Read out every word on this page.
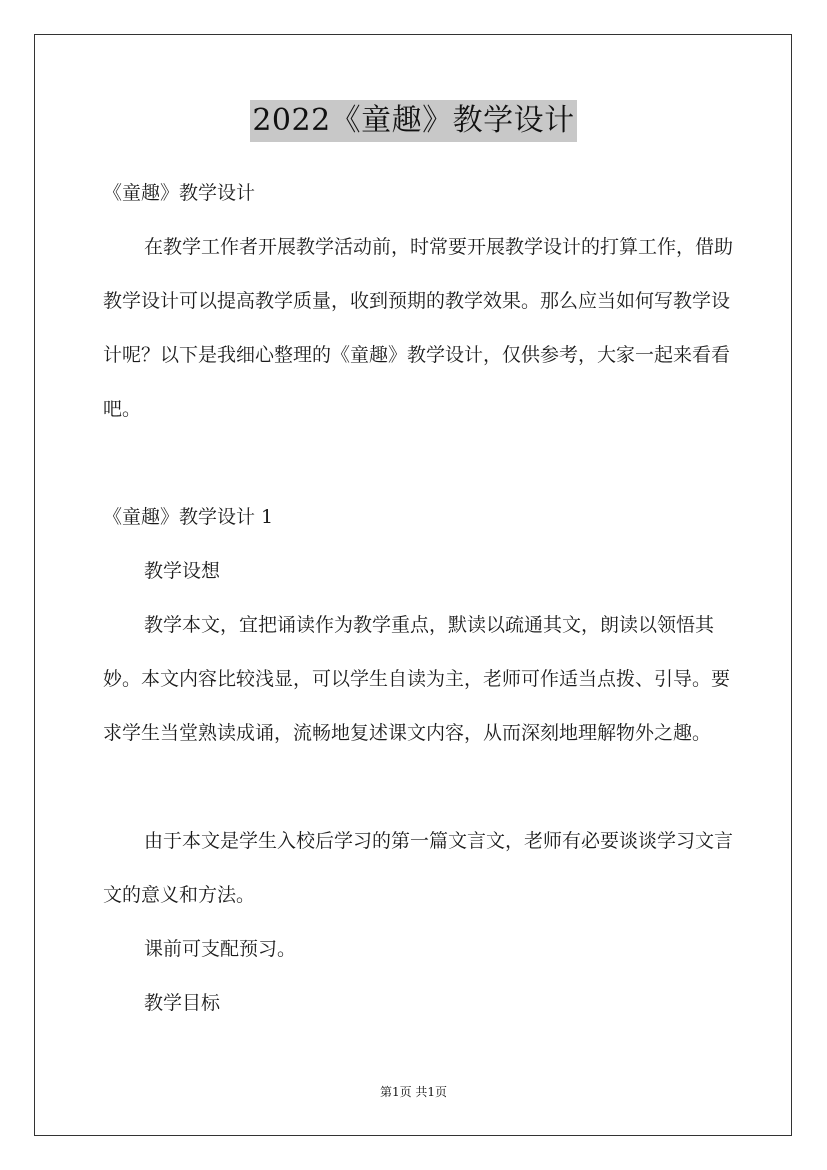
2022《童趣》教学设计

《童趣》教学设计

在教学工作者开展教学活动前，时常要开展教学设计的打算工作，借助教学设计可以提高教学质量，收到预期的教学效果。那么应当如何写教学设计呢？以下是我细心整理的《童趣》教学设计，仅供参考，大家一起来看看吧。

《童趣》教学设计 1

教学设想

教学本文，宜把诵读作为教学重点，默读以疏通其文，朗读以领悟其妙。本文内容比较浅显，可以学生自读为主，老师可作适当点拨、引导。要求学生当堂熟读成诵，流畅地复述课文内容，从而深刻地理解物外之趣。

由于本文是学生入校后学习的第一篇文言文，老师有必要谈谈学习文言文的意义和方法。

课前可支配预习。

教学目标

第1页 共1页
